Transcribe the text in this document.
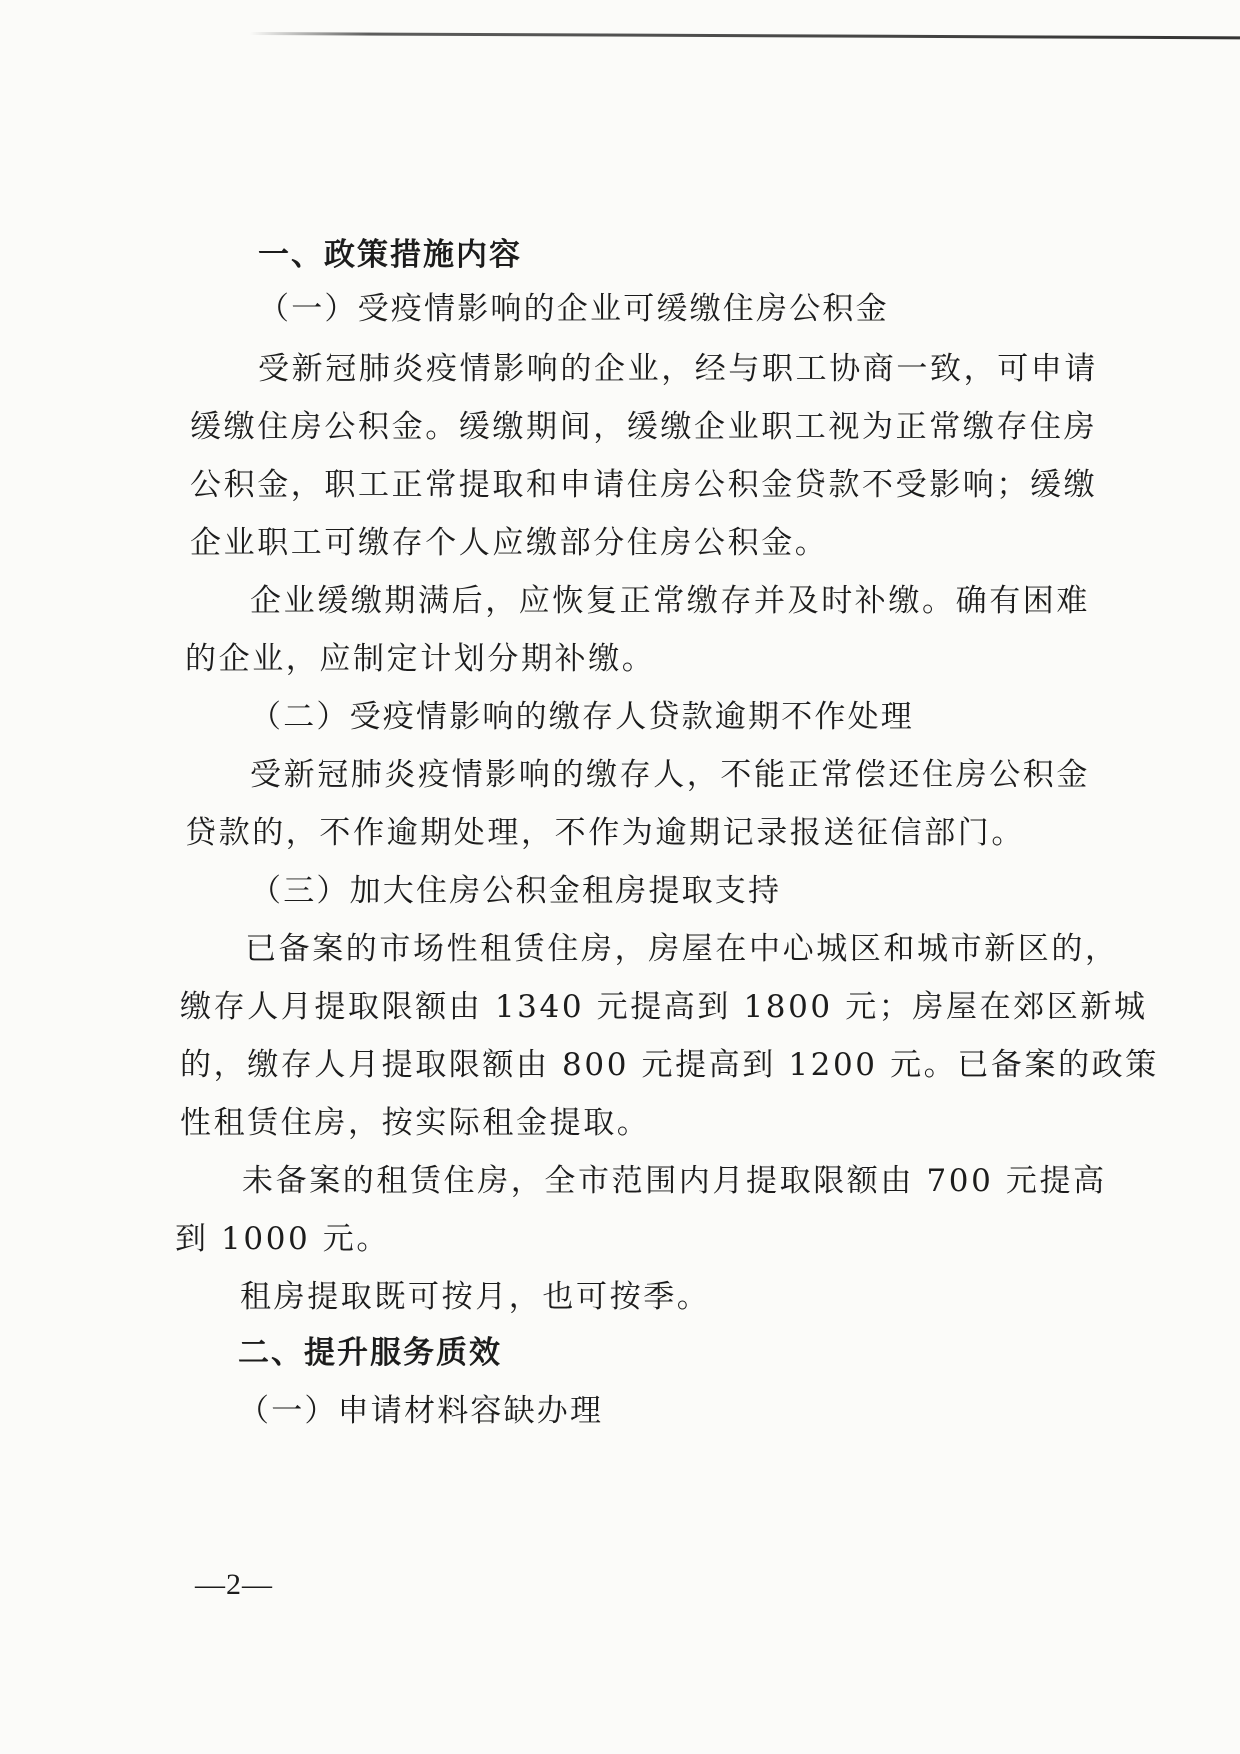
一、政策措施内容
（一）受疫情影响的企业可缓缴住房公积金
受新冠肺炎疫情影响的企业，经与职工协商一致，可申请
缓缴住房公积金。缓缴期间，缓缴企业职工视为正常缴存住房
公积金，职工正常提取和申请住房公积金贷款不受影响；缓缴
企业职工可缴存个人应缴部分住房公积金。
企业缓缴期满后，应恢复正常缴存并及时补缴。确有困难
的企业，应制定计划分期补缴。
（二）受疫情影响的缴存人贷款逾期不作处理
受新冠肺炎疫情影响的缴存人，不能正常偿还住房公积金
贷款的，不作逾期处理，不作为逾期记录报送征信部门。
（三）加大住房公积金租房提取支持
已备案的市场性租赁住房，房屋在中心城区和城市新区的，
缴存人月提取限额由 1340 元提高到 1800 元；房屋在郊区新城
的，缴存人月提取限额由 800 元提高到 1200 元。已备案的政策
性租赁住房，按实际租金提取。
未备案的租赁住房，全市范围内月提取限额由 700 元提高
到 1000 元。
租房提取既可按月，也可按季。
二、提升服务质效
（一）申请材料容缺办理
—2—
